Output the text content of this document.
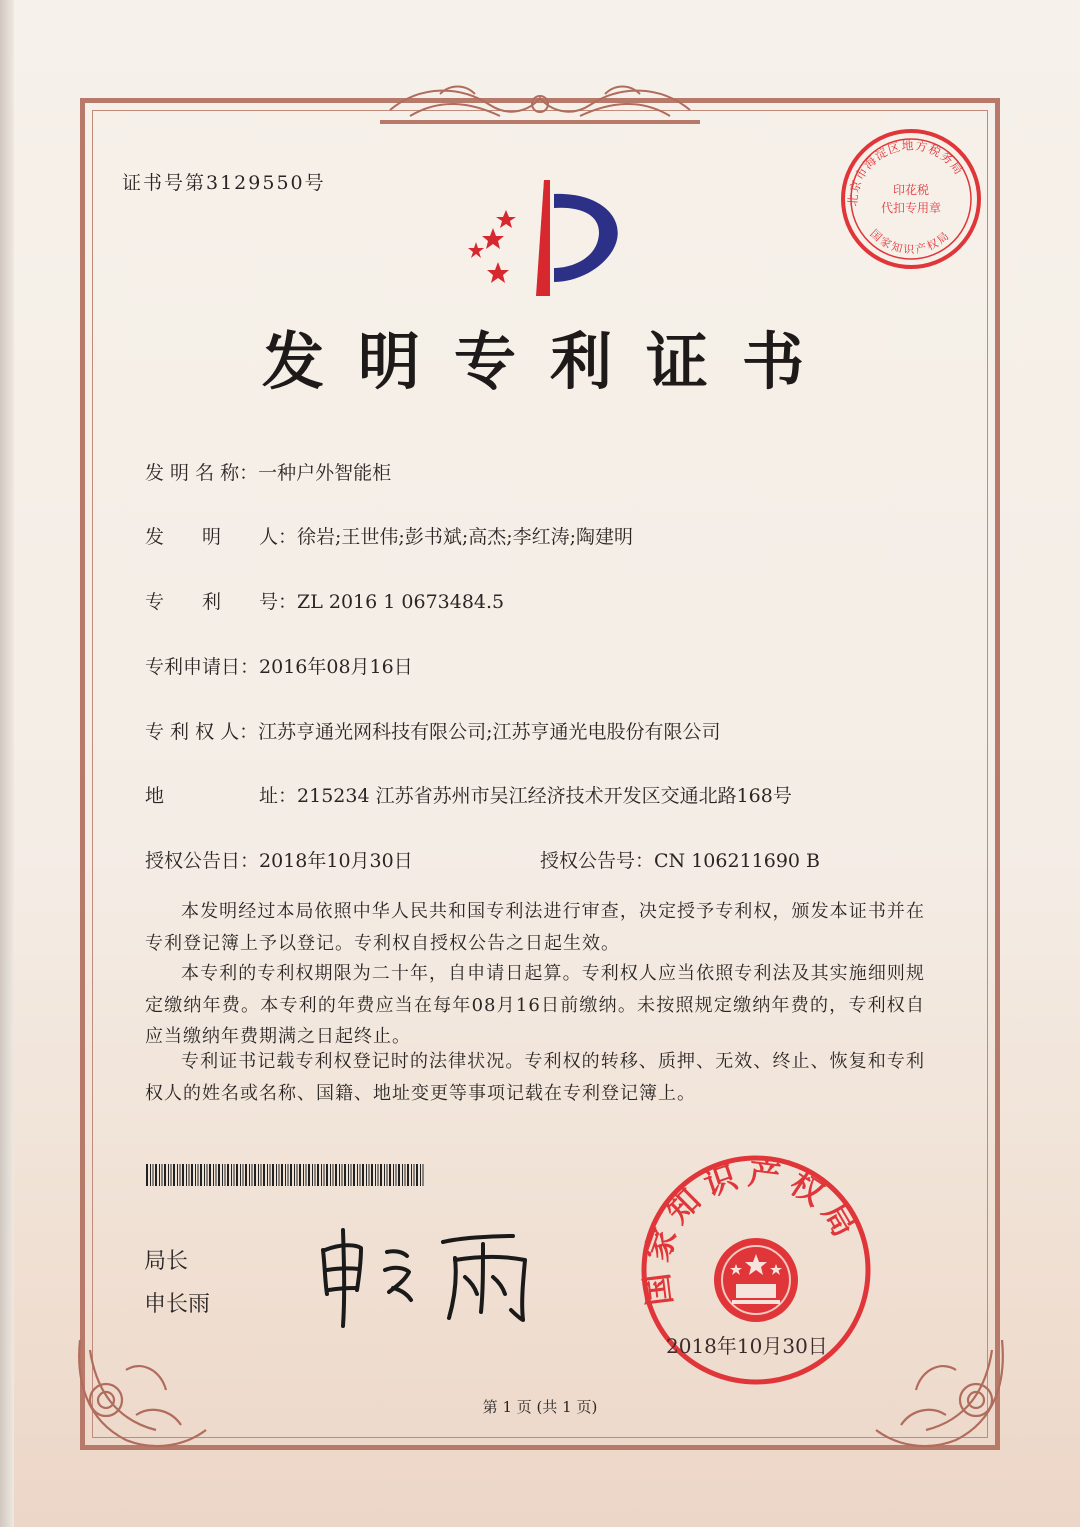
证书号第3129550号
北京市海淀区地方税务局
国家知识产权局
印花税
代扣专用章
发明专利证书
发 明 名 称：一种户外智能柜
发　　明　　人：徐岩;王世伟;彭书斌;高杰;李红涛;陶建明
专　　利　　号：ZL 2016 1 0673484.5
专利申请日：2016年08月16日
专 利 权 人：江苏亨通光网科技有限公司;江苏亨通光电股份有限公司
地　　　　　址：215234 江苏省苏州市吴江经济技术开发区交通北路168号
授权公告日：2018年10月30日	授权公告号：CN 106211690 B
本发明经过本局依照中华人民共和国专利法进行审查，决定授予专利权，颁发本证书并在专利登记簿上予以登记。专利权自授权公告之日起生效。
本专利的专利权期限为二十年，自申请日起算。专利权人应当依照专利法及其实施细则规定缴纳年费。本专利的年费应当在每年08月16日前缴纳。未按照规定缴纳年费的，专利权自应当缴纳年费期满之日起终止。
专利证书记载专利权登记时的法律状况。专利权的转移、质押、无效、终止、恢复和专利权人的姓名或名称、国籍、地址变更等事项记载在专利登记簿上。
局长
申长雨	国家知识产权局
2018年10月30日
第 1 页 (共 1 页)
